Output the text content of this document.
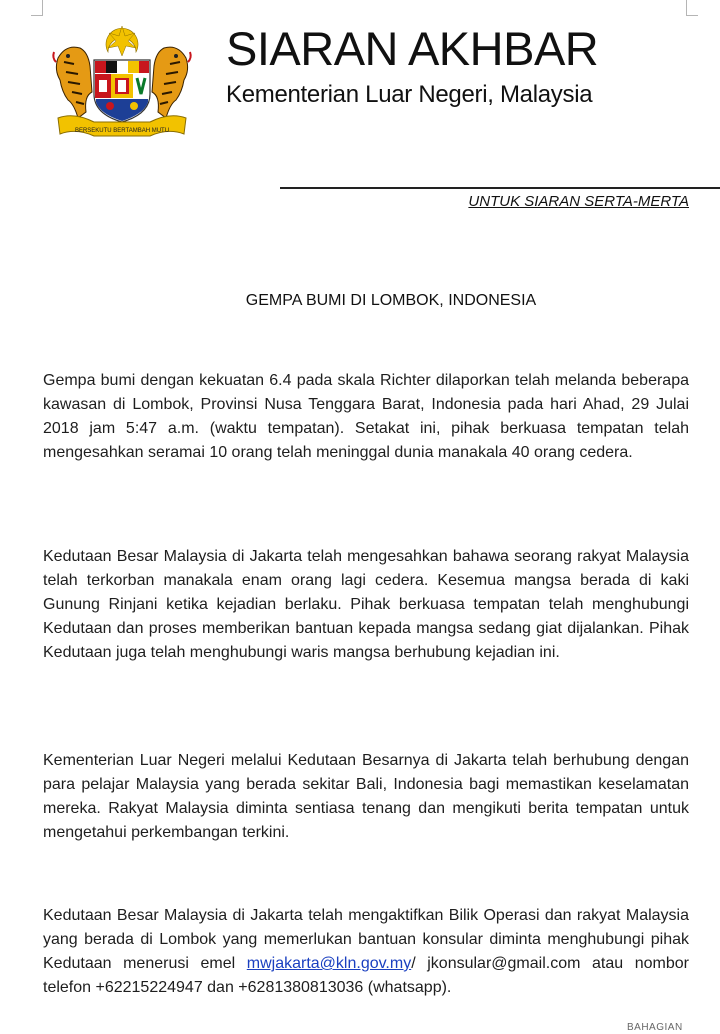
BERSEKUTU BERTAMBAH MUTU
SIARAN AKHBAR
Kementerian Luar Negeri, Malaysia
UNTUK SIARAN SERTA-MERTA
GEMPA BUMI DI LOMBOK, INDONESIA
Gempa bumi dengan kekuatan 6.4 pada skala Richter dilaporkan telah melanda beberapa kawasan di Lombok, Provinsi Nusa Tenggara Barat, Indonesia pada hari Ahad, 29 Julai 2018 jam 5:47 a.m. (waktu tempatan). Setakat ini, pihak berkuasa tempatan telah mengesahkan seramai 10 orang telah meninggal dunia manakala 40 orang cedera.
Kedutaan Besar Malaysia di Jakarta telah mengesahkan bahawa seorang rakyat Malaysia telah terkorban manakala enam orang lagi cedera. Kesemua mangsa berada di kaki Gunung Rinjani ketika kejadian berlaku. Pihak berkuasa tempatan telah menghubungi Kedutaan dan proses memberikan bantuan kepada mangsa sedang giat dijalankan. Pihak Kedutaan juga telah menghubungi waris mangsa berhubung kejadian ini.
Kementerian Luar Negeri melalui Kedutaan Besarnya di Jakarta telah berhubung dengan para pelajar Malaysia yang berada sekitar Bali, Indonesia bagi memastikan keselamatan mereka. Rakyat Malaysia diminta sentiasa tenang dan mengikuti berita tempatan untuk mengetahui perkembangan terkini.
Kedutaan Besar Malaysia di Jakarta telah mengaktifkan Bilik Operasi dan rakyat Malaysia yang berada di Lombok yang memerlukan bantuan konsular diminta menghubungi pihak Kedutaan menerusi emel mwjakarta@kln.gov.my/ jkonsular@gmail.com atau nombor telefon +62215224947 dan +6281380813036 (whatsapp).
BAHAGIAN
